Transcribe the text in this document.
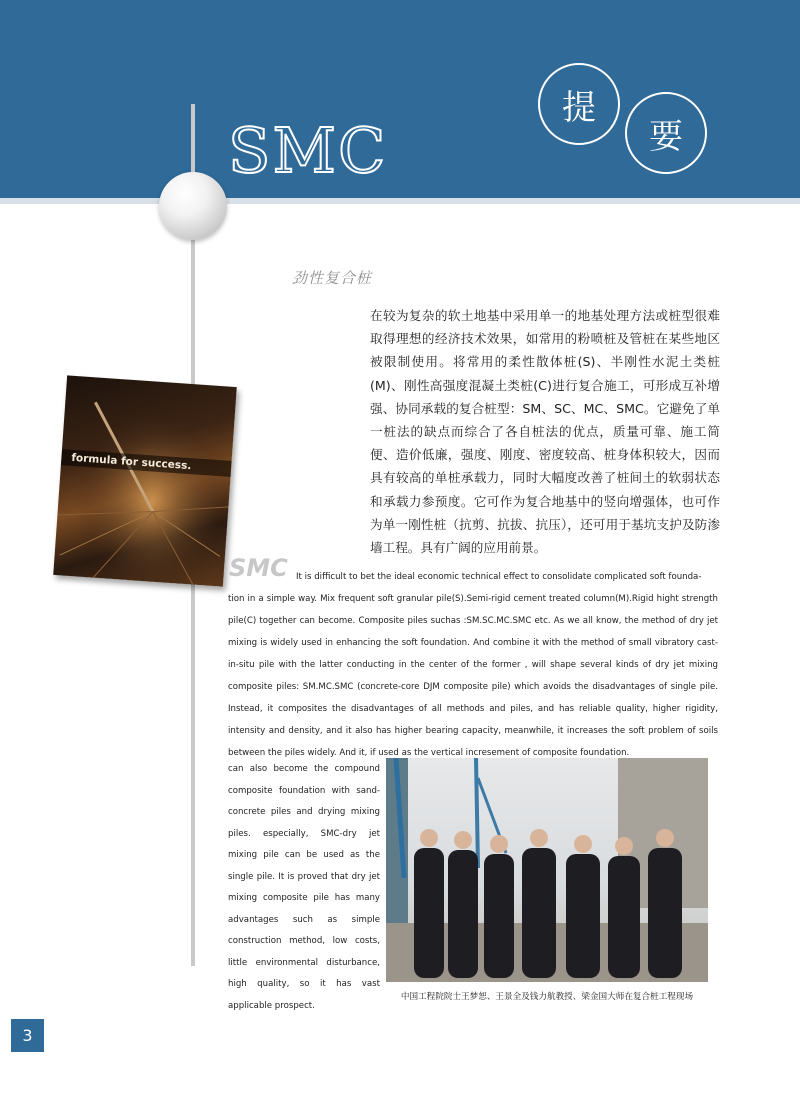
SMC
提
要
劲性复合桩
在较为复杂的软土地基中采用单一的地基处理方法或桩型很难取得理想的经济技术效果，如常用的粉喷桩及管桩在某些地区被限制使用。将常用的柔性散体桩(S)、半刚性水泥土类桩(M)、刚性高强度混凝土类桩(C)进行复合施工，可形成互补增强、协同承载的复合桩型：SM、SC、MC、SMC。它避免了单一桩法的缺点而综合了各自桩法的优点，质量可靠、施工简便、造价低廉，强度、刚度、密度较高、桩身体积较大，因而具有较高的单桩承载力，同时大幅度改善了桩间土的软弱状态和承载力参预度。它可作为复合地基中的竖向增强体，也可作为单一刚性桩（抗剪、抗拔、抗压），还可用于基坑支护及防渗墙工程。具有广阔的应用前景。
formula for success.
SMC It is difficult to bet the ideal economic technical effect to consolidate complicated soft founda-

tion in a simple way. Mix frequent soft granular pile(S).Semi-rigid cement treated column(M).Rigid hight strength pile(C) together can become. Composite piles suchas :SM.SC.MC.SMC etc. As we all know, the method of dry jet mixing is widely used in enhancing the soft foundation. And combine it with the method of small vibratory cast-in-situ pile with the latter conducting in the center of the former , will shape several kinds of dry jet mixing composite piles: SM.MC.SMC (concrete-core DJM composite pile) which avoids the disadvantages of single pile. Instead, it composites the disadvantages of all methods and piles, and has reliable quality, higher rigidity, intensity and density, and it also has higher bearing capacity, meanwhile, it increases the soft problem of soils between the piles widely. And it, if used as the vertical incresement of composite foundation.

can also become the compound composite foundation with sand-concrete piles and drying mixing piles. especially, SMC-dry jet mixing pile can be used as the single pile. It is proved that dry jet mixing composite pile has many advantages such as simple construction method, low costs, little environmental disturbance, high quality, so it has vast applicable prospect.
中国工程院院士王梦恕、王景全及钱力航教授、梁金国大师在复合桩工程现场
3
